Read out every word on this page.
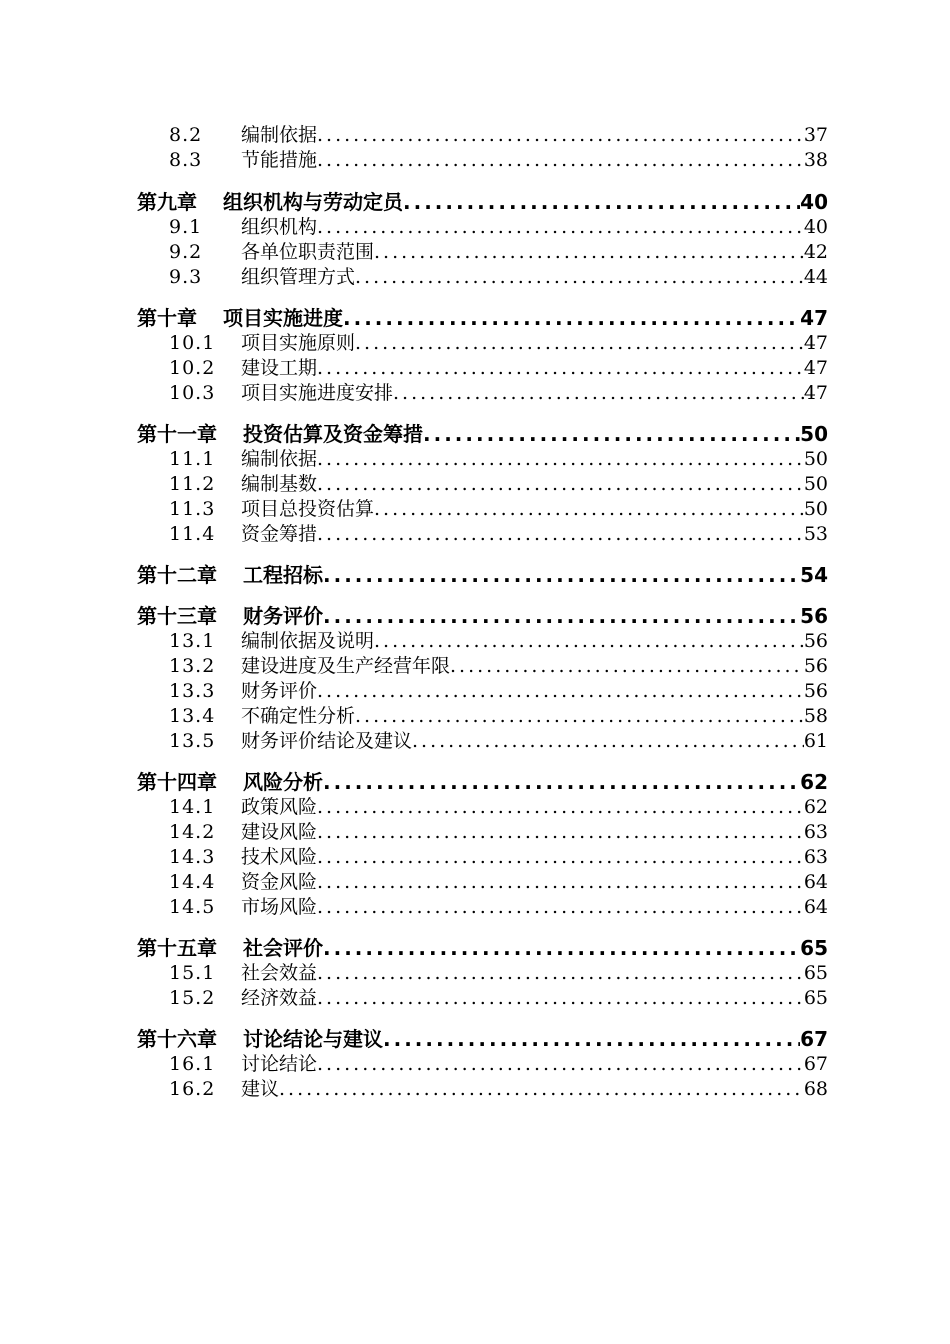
8.2	编制依据 .....	37
8.3	节能措施 .....	38
第九章 组织机构与劳动定员 .....	40
9.1	组织机构 .....	40
9.2	各单位职责范围 .....	42
9.3	组织管理方式 .....	44
第十章 项目实施进度 .....	47
10.1	项目实施原则 .....	47
10.2	建设工期 .....	47
10.3	项目实施进度安排 .....	47
第十一章 投资估算及资金筹措 .....	50
11.1	编制依据 .....	50
11.2	编制基数 .....	50
11.3	项目总投资估算 .....	50
11.4	资金筹措 .....	53
第十二章 工程招标 .....	54
第十三章 财务评价 .....	56
13.1	编制依据及说明 .....	56
13.2	建设进度及生产经营年限 .....	56
13.3	财务评价 .....	56
13.4	不确定性分析 .....	58
13.5	财务评价结论及建议 .....	61
第十四章 风险分析 .....	62
14.1	政策风险 .....	62
14.2	建设风险 .....	63
14.3	技术风险 .....	63
14.4	资金风险 .....	64
14.5	市场风险 .....	64
第十五章 社会评价 .....	65
15.1	社会效益 .....	65
15.2	经济效益 .....	65
第十六章 讨论结论与建议 .....	67
16.1	讨论结论 .....	67
16.2	建议 .....	68
